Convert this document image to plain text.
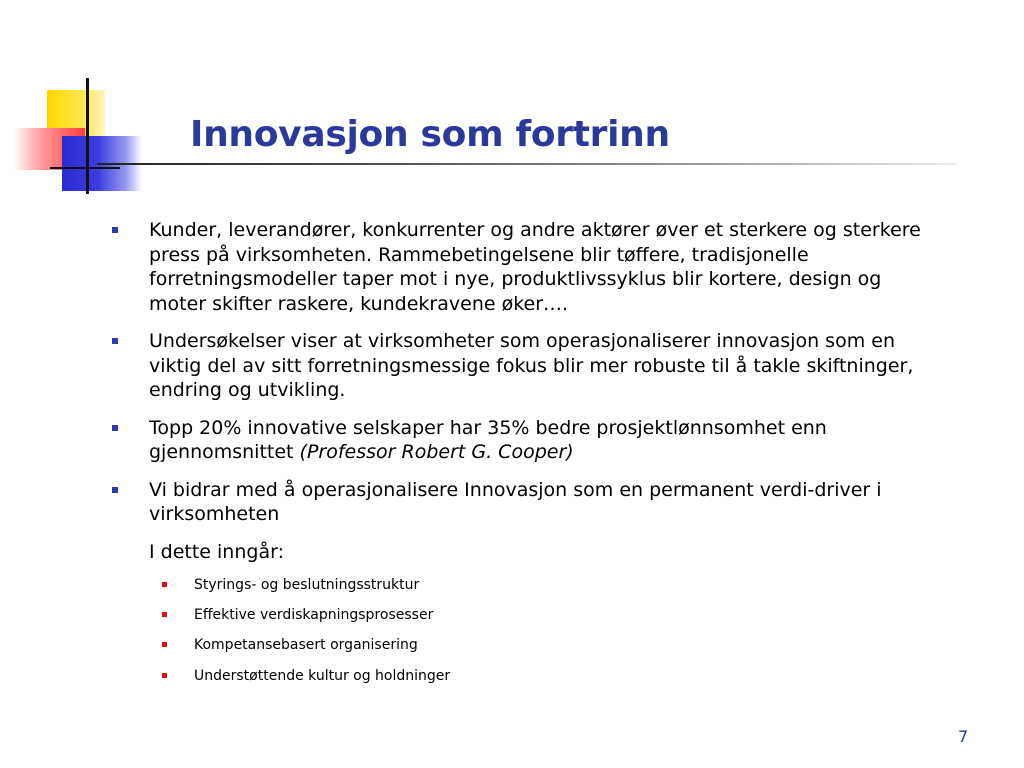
Innovasjon som fortrinn
Kunder, leverandører, konkurrenter og andre aktører øver et sterkere og sterkere press på virksomheten. Rammebetingelsene blir tøffere, tradisjonelle forretningsmodeller taper mot i nye, produktlivssyklus blir kortere, design og moter skifter raskere, kundekravene øker….
Undersøkelser viser at virksomheter som operasjonaliserer innovasjon som en viktig del av sitt forretningsmessige fokus blir mer robuste til å takle skiftninger, endring og utvikling.
Topp 20% innovative selskaper har 35% bedre prosjektlønnsomhet enn gjennomsnittet (Professor Robert G. Cooper)
Vi bidrar med å operasjonalisere Innovasjon som en permanent verdi-driver i virksomheten
I dette inngår:
Styrings- og beslutningsstruktur
Effektive verdiskapningsprosesser
Kompetansebasert organisering
Understøttende kultur og holdninger
7
